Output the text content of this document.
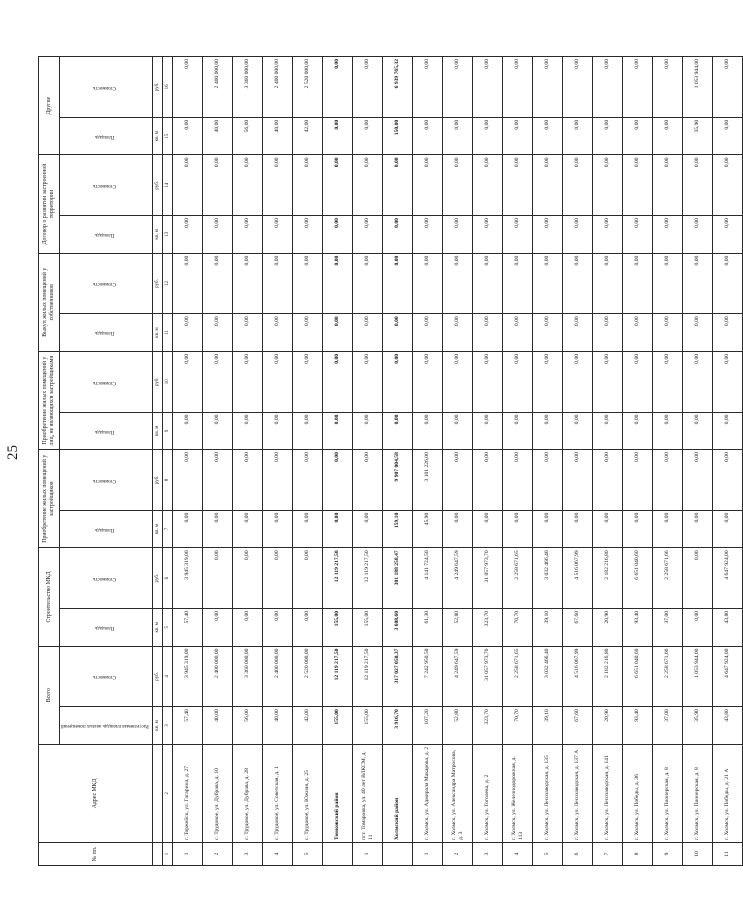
25
№ пп.	Адрес МКД	Всего		Строительство МКД		Приобретение жилых помещений у застройщиков		Приобретение жилых помещений у лиц, не являющихся застройщиками		Выкуп жилых помещений у собственников		Договор о развитии застроенной территории		Другие	
		Расселяемая площадь жилых помещений	Стоимость	Площадь	Стоимость	Площадь	Стоимость	Площадь	Стоимость	Площадь	Стоимость	Площадь	Стоимость	Площадь	Стоимость
		кв. м	руб.	кв. м	руб.	кв. м	руб.	кв. м	руб.	кв. м	руб.	кв. м	руб.	кв. м	руб.
1	2	3	4	5	6	7	8	9	10	11	12	13	14	15	16
1	г. Торжейск, ул. Гагарина, д. 27	57,40	3 945 319,00	57,40	3 945 319,00	0,00	0,00	0,00	0,00	0,00	0,00	0,00	0,00	0,00	0,00
2	с. Трудовое, ул. Дубрава, д. 10	40,00	2 400 000,00	0,00	0,00	0,00	0,00	0,00	0,00	0,00	0,00	0,00	0,00	40,00	2 400 000,00
3	с. Трудовое, ул. Дубрава, д. 28	56,00	3 360 000,00	0,00	0,00	0,00	0,00	0,00	0,00	0,00	0,00	0,00	0,00	56,00	3 360 000,00
4	с. Трудовое, ул. Советская, д. 1	40,00	2 400 000,00	0,00	0,00	0,00	0,00	0,00	0,00	0,00	0,00	0,00	0,00	40,00	2 400 000,00
5	с. Трудовое, ул. Южная, д. 25	42,00	2 520 000,00	0,00	0,00	0,00	0,00	0,00	0,00	0,00	0,00	0,00	0,00	42,00	2 520 000,00
	Томковский район	155,00	12 119 217,50	155,00	12 119 217,50	0,00	0,00	0,00	0,00	0,00	0,00	0,00	0,00	0,00	0,00
1	пгт. Томаровка, ул. 40 лет ВЛКСМ, д. 11	155,00	12 119 217,50	155,00	12 119 217,50	0,00	0,00	0,00	0,00	0,00	0,00	0,00	0,00	0,00	0,00
	Холмский район	3 916,70	317 027 050,37	3 608,60	301 188 258,47	159,10	9 907 004,58	0,00	0,00	0,00	0,00	0,00	0,00	150,00	6 939 765,32
1	г. Холмск, ул. Адмирала Макарова, д. 2	107,20	7 242 950,50	61,30	4 141 724,50	45,90	3 101 226,00	0,00	0,00	0,00	0,00	0,00	0,00	0,00	0,00
2	г. Холмск, ул. Александра Матросова, д. 3	52,80	4 249 647,59	52,80	4 249 647,59	0,00	0,00	0,00	0,00	0,00	0,00	0,00	0,00	0,00	0,00
3	г. Холмск, ул. Гоголева, д. 2	323,70	31 057 973,70	323,70	31 057 973,70	0,00	0,00	0,00	0,00	0,00	0,00	0,00	0,00	0,00	0,00
4	г. Холмск, ул. Железнодорожная, д. 113	70,70	2 258 671,65	70,70	2 258 671,65	0,00	0,00	0,00	0,00	0,00	0,00	0,00	0,00	0,00	0,00
5	г. Холмск, ул. Лесозаводская, д. 135	39,10	3 032 466,40	39,10	3 032 466,40	0,00	0,00	0,00	0,00	0,00	0,00	0,00	0,00	0,00	0,00
6	г. Холмск, ул. Лесозаводская, д. 137 А	67,60	4 516 067,99	67,60	4 516 067,99	0,00	0,00	0,00	0,00	0,00	0,00	0,00	0,00	0,00	0,00
7	г. Холмск, ул. Лесозаводская, д. 141	20,90	2 182 216,80	20,90	2 182 216,80	0,00	0,00	0,00	0,00	0,00	0,00	0,00	0,00	0,00	0,00
8	г. Холмск, ул. Победы, д. 36	93,40	6 651 040,60	93,40	6 651 040,60	0,00	0,00	0,00	0,00	0,00	0,00	0,00	0,00	0,00	0,00
9	г. Холмск, ул. Пионерская, д. 8	37,00	2 258 671,66	37,00	2 258 671,66	0,00	0,00	0,00	0,00	0,00	0,00	0,00	0,00	0,00	0,00
10	г. Холмск, ул. Пионерская, д. 8	35,90	1 053 944,00	0,00	0,00	0,00	0,00	0,00	0,00	0,00	0,00	0,00	0,00	35,90	1 053 944,00
11	г. Холмск, ул. Победы, д. 21 А	43,80	4 647 924,00	43,80	4 647 924,00	0,00	0,00	0,00	0,00	0,00	0,00	0,00	0,00	0,00	0,00
